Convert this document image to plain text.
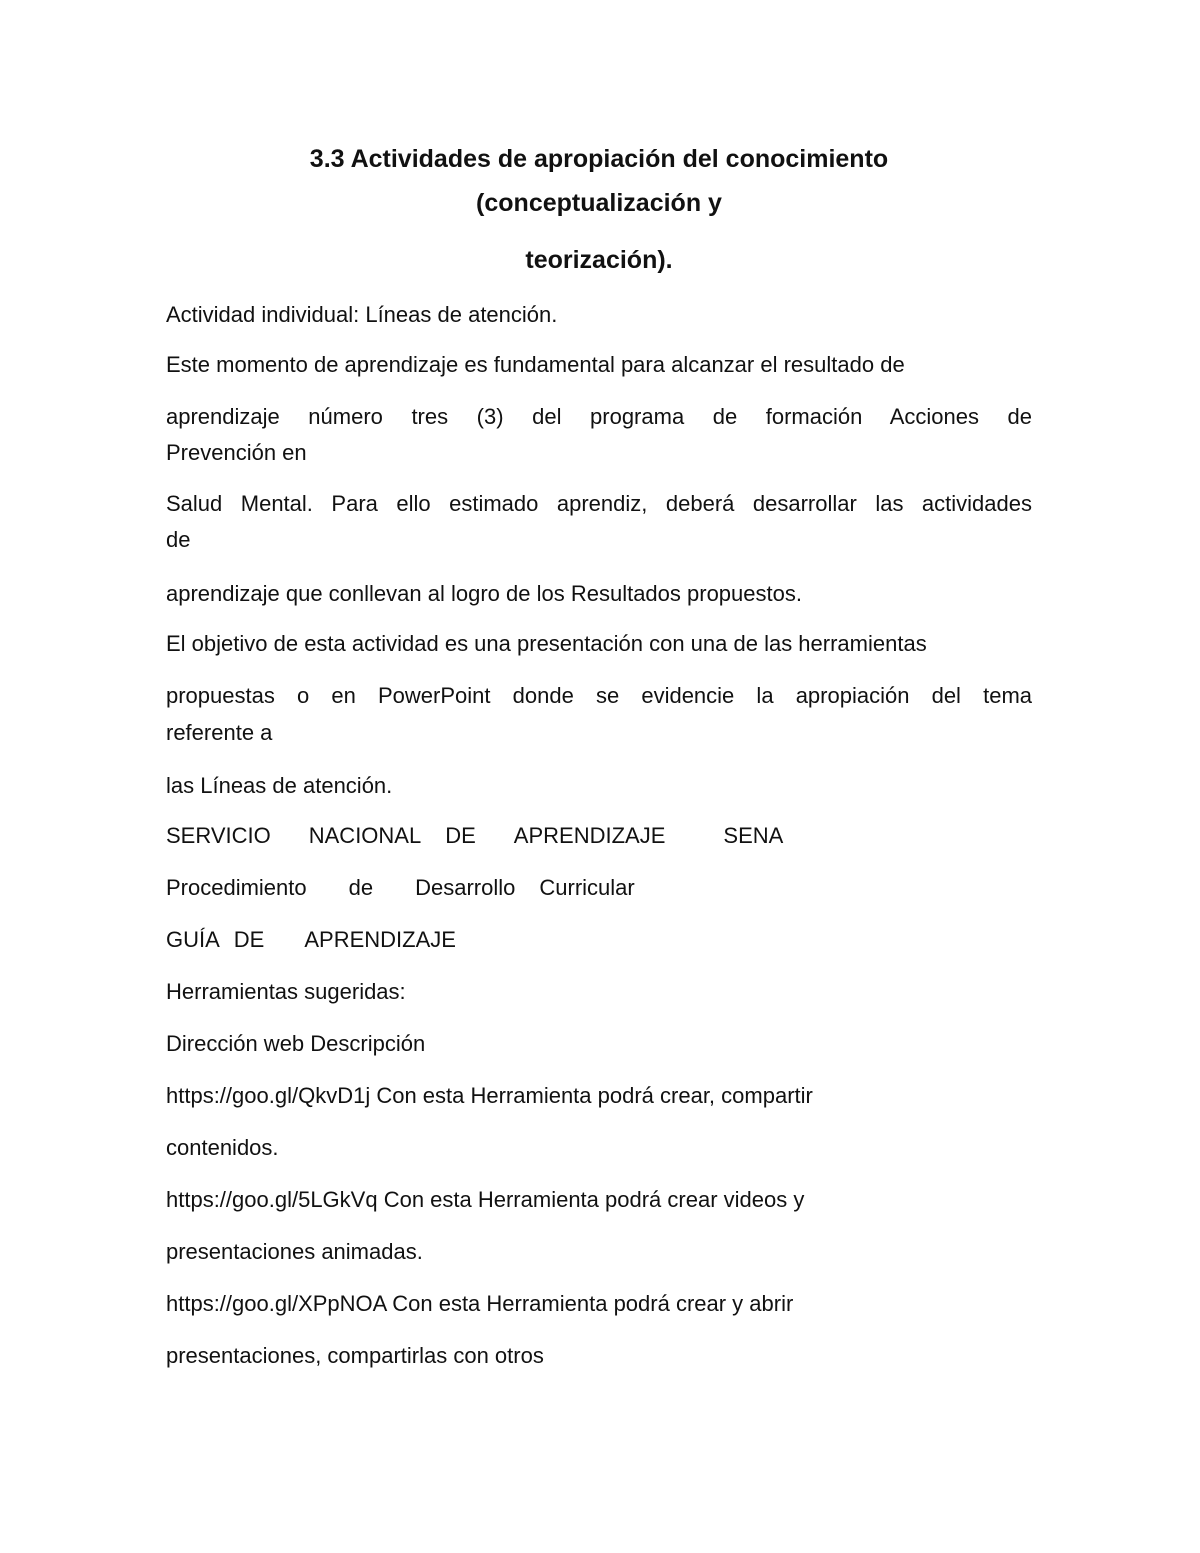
3.3 Actividades de apropiación del conocimiento
(conceptualización y
teorización).
Actividad individual: Líneas de atención.
Este momento de aprendizaje es fundamental para alcanzar el resultado de
aprendizaje número tres (3) del programa de formación Acciones de
Prevención en
Salud Mental. Para ello estimado aprendiz, deberá desarrollar las actividades
de
aprendizaje que conllevan al logro de los Resultados propuestos.
El objetivo de esta actividad es una presentación con una de las herramientas
propuestas o en PowerPoint donde se evidencie la apropiación del tema
referente a
las Líneas de atención.
SERVICIO NACIONAL DE APRENDIZAJE	SENA
Procedimiento de Desarrollo Curricular
GUÍA DE APRENDIZAJE
Herramientas sugeridas:
Dirección web Descripción
https://goo.gl/QkvD1j Con esta Herramienta podrá crear, compartir
contenidos.
https://goo.gl/5LGkVq Con esta Herramienta podrá crear videos y
presentaciones animadas.
https://goo.gl/XPpNOA Con esta Herramienta podrá crear y abrir
presentaciones, compartirlas con otros
